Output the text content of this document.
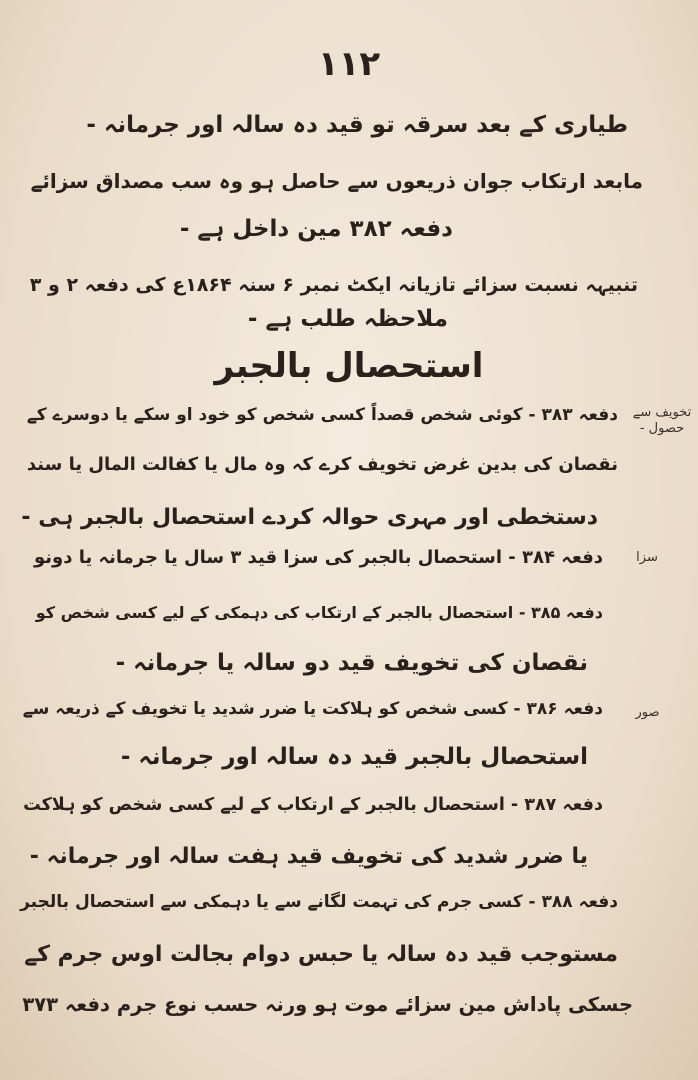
۱۱۲
طیاری کے بعد سرقہ تو قید دہ سالہ اور جرمانہ -
مابعد ارتکاب جوان ذریعوں سے حاصل ہو وہ سب مصداق سزائے
دفعہ ۳۸۲ مین داخل ہے -
تنبیہہ نسبت سزائے تازیانہ ایکٹ نمبر ۶ سنہ ۱۸۶۴ع کی دفعہ ۲ و ۳
ملاحظہ طلب ہے -
استحصال بالجبر
تخویف سے حصول -
دفعہ ۳۸۳ - کوئی شخص قصداً کسی شخص کو خود او سکے یا دوسرے کے
نقصان کی بدین غرض تخویف کرے کہ وہ مال یا کفالت المال یا سند
دستخطی اور مہری حوالہ کردے استحصال بالجبر ہی -
سزا
دفعہ ۳۸۴ - استحصال بالجبر کی سزا قید ۳ سال یا جرمانہ یا دونو
دفعہ ۳۸۵ - استحصال بالجبر کے ارتکاب کی دہمکی کے لیے کسی شخص کو
نقصان کی تخویف قید دو سالہ یا جرمانہ -
صور
دفعہ ۳۸۶ - کسی شخص کو ہلاکت یا ضرر شدید یا تخویف کے ذریعہ سے
استحصال بالجبر قید دہ سالہ اور جرمانہ -
دفعہ ۳۸۷ - استحصال بالجبر کے ارتکاب کے لیے کسی شخص کو ہلاکت
یا ضرر شدید کی تخویف قید ہفت سالہ اور جرمانہ -
دفعہ ۳۸۸ - کسی جرم کی تہمت لگانے سے یا دہمکی سے استحصال بالجبر
مستوجب قید دہ سالہ یا حبس دوام بجالت اوس جرم کے
جسکی پاداش مین سزائے موت ہو ورنہ حسب نوع جرم دفعہ ۳۷۳
